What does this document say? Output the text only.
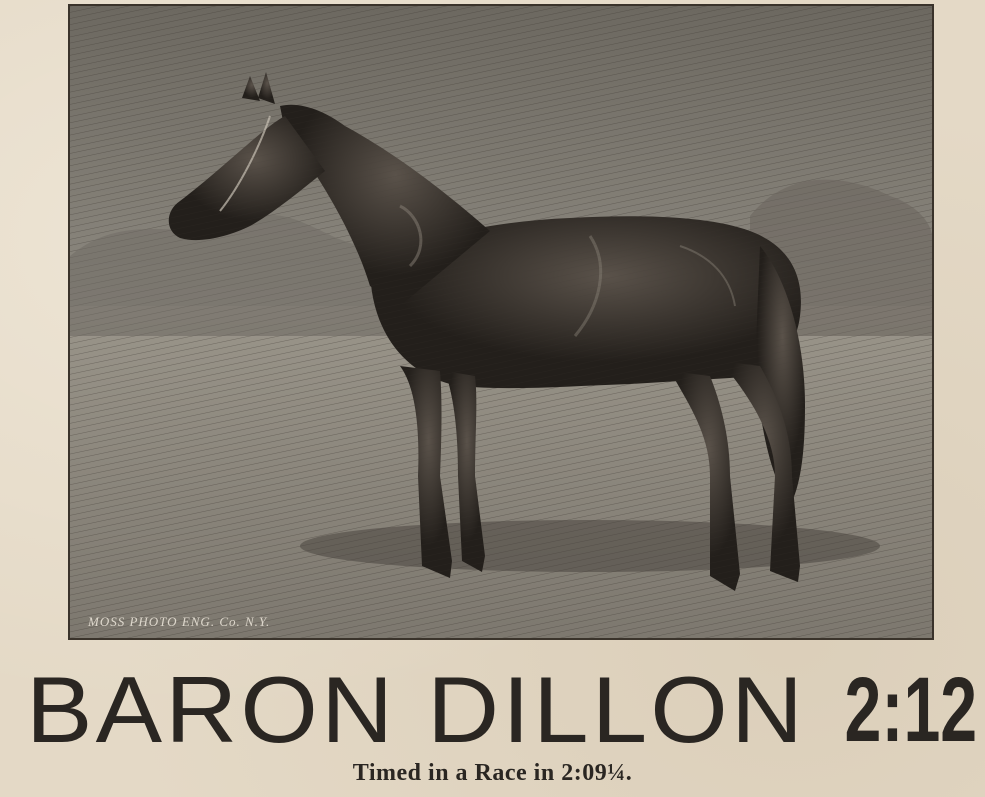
MOSS PHOTO ENG. Co. N.Y.
BARON DILLON 2:12
Timed in a Race in 2:09¼.
